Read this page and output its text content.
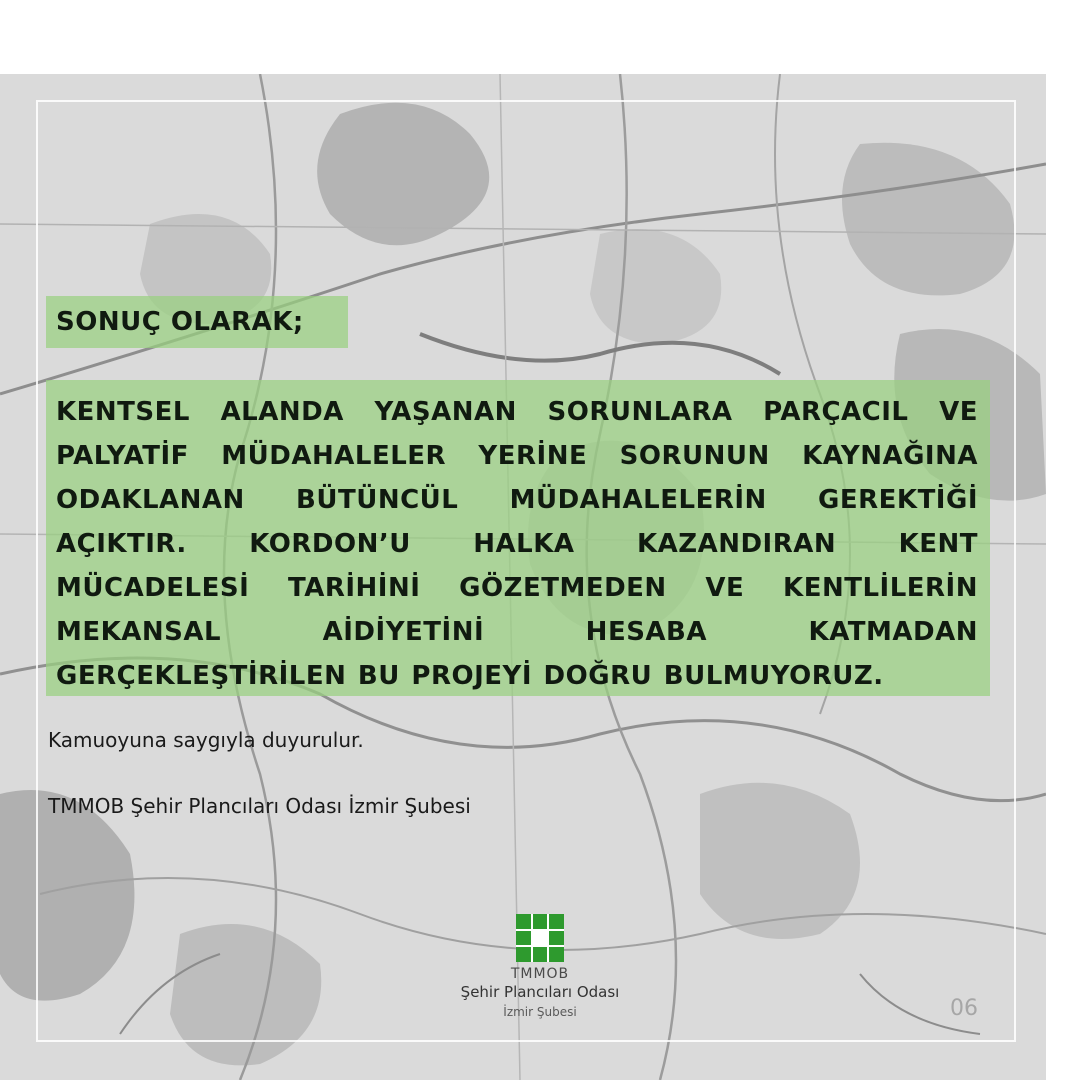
SONUÇ OLARAK;

KENTSEL ALANDA YAŞANAN SORUNLARA PARÇACIL VE PALYATİF MÜDAHALELER YERİNE SORUNUN KAYNAĞINA ODAKLANAN BÜTÜNCÜL MÜDAHALELERİN GEREKTİĞİ AÇIKTIR. KORDON’U HALKA KAZANDIRAN KENT MÜCADELESİ TARİHİNİ GÖZETMEDEN VE KENTLİLERİN MEKANSAL AİDİYETİNİ HESABA KATMADAN GERÇEKLEŞTİRİLEN BU PROJEYİ DOĞRU BULMUYORUZ.

Kamuoyuna saygıyla duyurulur.

TMMOB Şehir Plancıları Odası İzmir Şubesi

TMMOB

Şehir Plancıları Odası

İzmir Şubesi	06
